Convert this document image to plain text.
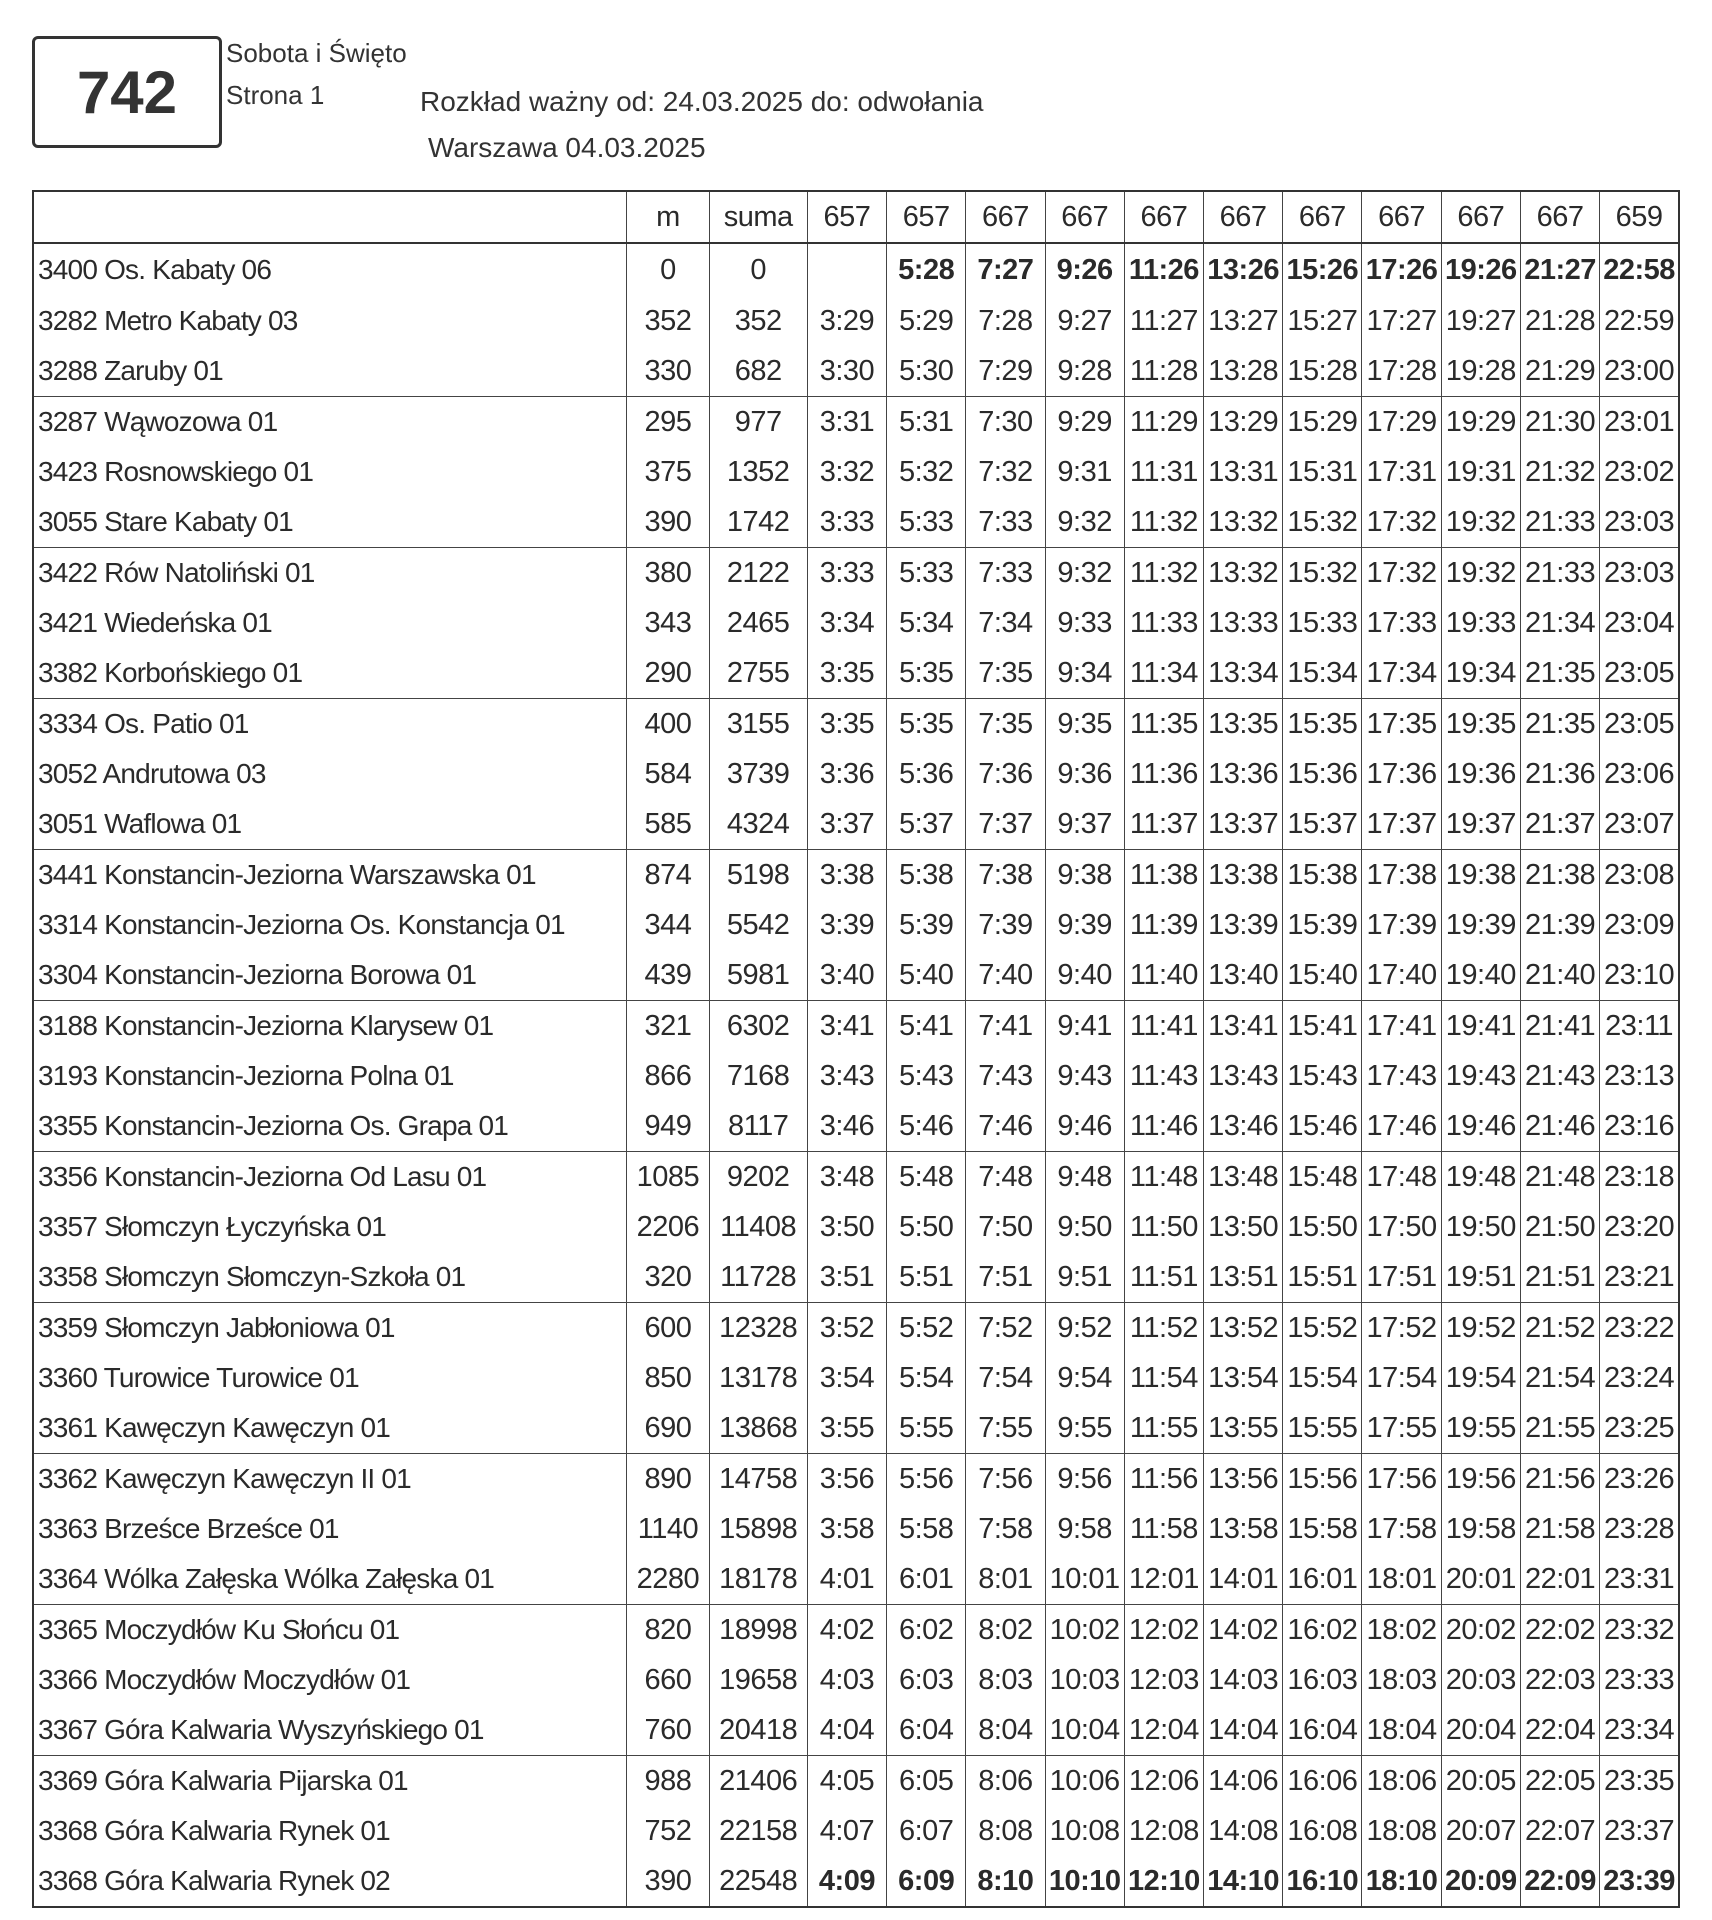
742
Sobota i Święto
Strona 1	Rozkład ważny od: 24.03.2025 do: odwołania
Warszawa 04.03.2025
	m	suma	657	657	667	667	667	667	667	667	667	667	659
3400 Os. Kabaty 06	0	0		5:28	7:27	9:26	11:26	13:26	15:26	17:26	19:26	21:27	22:58
3282 Metro Kabaty 03	352	352	3:29	5:29	7:28	9:27	11:27	13:27	15:27	17:27	19:27	21:28	22:59
3288 Zaruby 01	330	682	3:30	5:30	7:29	9:28	11:28	13:28	15:28	17:28	19:28	21:29	23:00
3287 Wąwozowa 01	295	977	3:31	5:31	7:30	9:29	11:29	13:29	15:29	17:29	19:29	21:30	23:01
3423 Rosnowskiego 01	375	1352	3:32	5:32	7:32	9:31	11:31	13:31	15:31	17:31	19:31	21:32	23:02
3055 Stare Kabaty 01	390	1742	3:33	5:33	7:33	9:32	11:32	13:32	15:32	17:32	19:32	21:33	23:03
3422 Rów Natoliński 01	380	2122	3:33	5:33	7:33	9:32	11:32	13:32	15:32	17:32	19:32	21:33	23:03
3421 Wiedeńska 01	343	2465	3:34	5:34	7:34	9:33	11:33	13:33	15:33	17:33	19:33	21:34	23:04
3382 Korbońskiego 01	290	2755	3:35	5:35	7:35	9:34	11:34	13:34	15:34	17:34	19:34	21:35	23:05
3334 Os. Patio 01	400	3155	3:35	5:35	7:35	9:35	11:35	13:35	15:35	17:35	19:35	21:35	23:05
3052 Andrutowa 03	584	3739	3:36	5:36	7:36	9:36	11:36	13:36	15:36	17:36	19:36	21:36	23:06
3051 Waflowa 01	585	4324	3:37	5:37	7:37	9:37	11:37	13:37	15:37	17:37	19:37	21:37	23:07
3441 Konstancin-Jeziorna Warszawska 01	874	5198	3:38	5:38	7:38	9:38	11:38	13:38	15:38	17:38	19:38	21:38	23:08
3314 Konstancin-Jeziorna Os. Konstancja 01	344	5542	3:39	5:39	7:39	9:39	11:39	13:39	15:39	17:39	19:39	21:39	23:09
3304 Konstancin-Jeziorna Borowa 01	439	5981	3:40	5:40	7:40	9:40	11:40	13:40	15:40	17:40	19:40	21:40	23:10
3188 Konstancin-Jeziorna Klarysew 01	321	6302	3:41	5:41	7:41	9:41	11:41	13:41	15:41	17:41	19:41	21:41	23:11
3193 Konstancin-Jeziorna Polna 01	866	7168	3:43	5:43	7:43	9:43	11:43	13:43	15:43	17:43	19:43	21:43	23:13
3355 Konstancin-Jeziorna Os. Grapa 01	949	8117	3:46	5:46	7:46	9:46	11:46	13:46	15:46	17:46	19:46	21:46	23:16
3356 Konstancin-Jeziorna Od Lasu 01	1085	9202	3:48	5:48	7:48	9:48	11:48	13:48	15:48	17:48	19:48	21:48	23:18
3357 Słomczyn Łyczyńska 01	2206	11408	3:50	5:50	7:50	9:50	11:50	13:50	15:50	17:50	19:50	21:50	23:20
3358 Słomczyn Słomczyn-Szkoła 01	320	11728	3:51	5:51	7:51	9:51	11:51	13:51	15:51	17:51	19:51	21:51	23:21
3359 Słomczyn Jabłoniowa 01	600	12328	3:52	5:52	7:52	9:52	11:52	13:52	15:52	17:52	19:52	21:52	23:22
3360 Turowice Turowice 01	850	13178	3:54	5:54	7:54	9:54	11:54	13:54	15:54	17:54	19:54	21:54	23:24
3361 Kawęczyn Kawęczyn 01	690	13868	3:55	5:55	7:55	9:55	11:55	13:55	15:55	17:55	19:55	21:55	23:25
3362 Kawęczyn Kawęczyn II 01	890	14758	3:56	5:56	7:56	9:56	11:56	13:56	15:56	17:56	19:56	21:56	23:26
3363 Brześce Brześce 01	1140	15898	3:58	5:58	7:58	9:58	11:58	13:58	15:58	17:58	19:58	21:58	23:28
3364 Wólka Załęska Wólka Załęska 01	2280	18178	4:01	6:01	8:01	10:01	12:01	14:01	16:01	18:01	20:01	22:01	23:31
3365 Moczydłów Ku Słońcu 01	820	18998	4:02	6:02	8:02	10:02	12:02	14:02	16:02	18:02	20:02	22:02	23:32
3366 Moczydłów Moczydłów 01	660	19658	4:03	6:03	8:03	10:03	12:03	14:03	16:03	18:03	20:03	22:03	23:33
3367 Góra Kalwaria Wyszyńskiego 01	760	20418	4:04	6:04	8:04	10:04	12:04	14:04	16:04	18:04	20:04	22:04	23:34
3369 Góra Kalwaria Pijarska 01	988	21406	4:05	6:05	8:06	10:06	12:06	14:06	16:06	18:06	20:05	22:05	23:35
3368 Góra Kalwaria Rynek 01	752	22158	4:07	6:07	8:08	10:08	12:08	14:08	16:08	18:08	20:07	22:07	23:37
3368 Góra Kalwaria Rynek 02	390	22548	4:09	6:09	8:10	10:10	12:10	14:10	16:10	18:10	20:09	22:09	23:39
